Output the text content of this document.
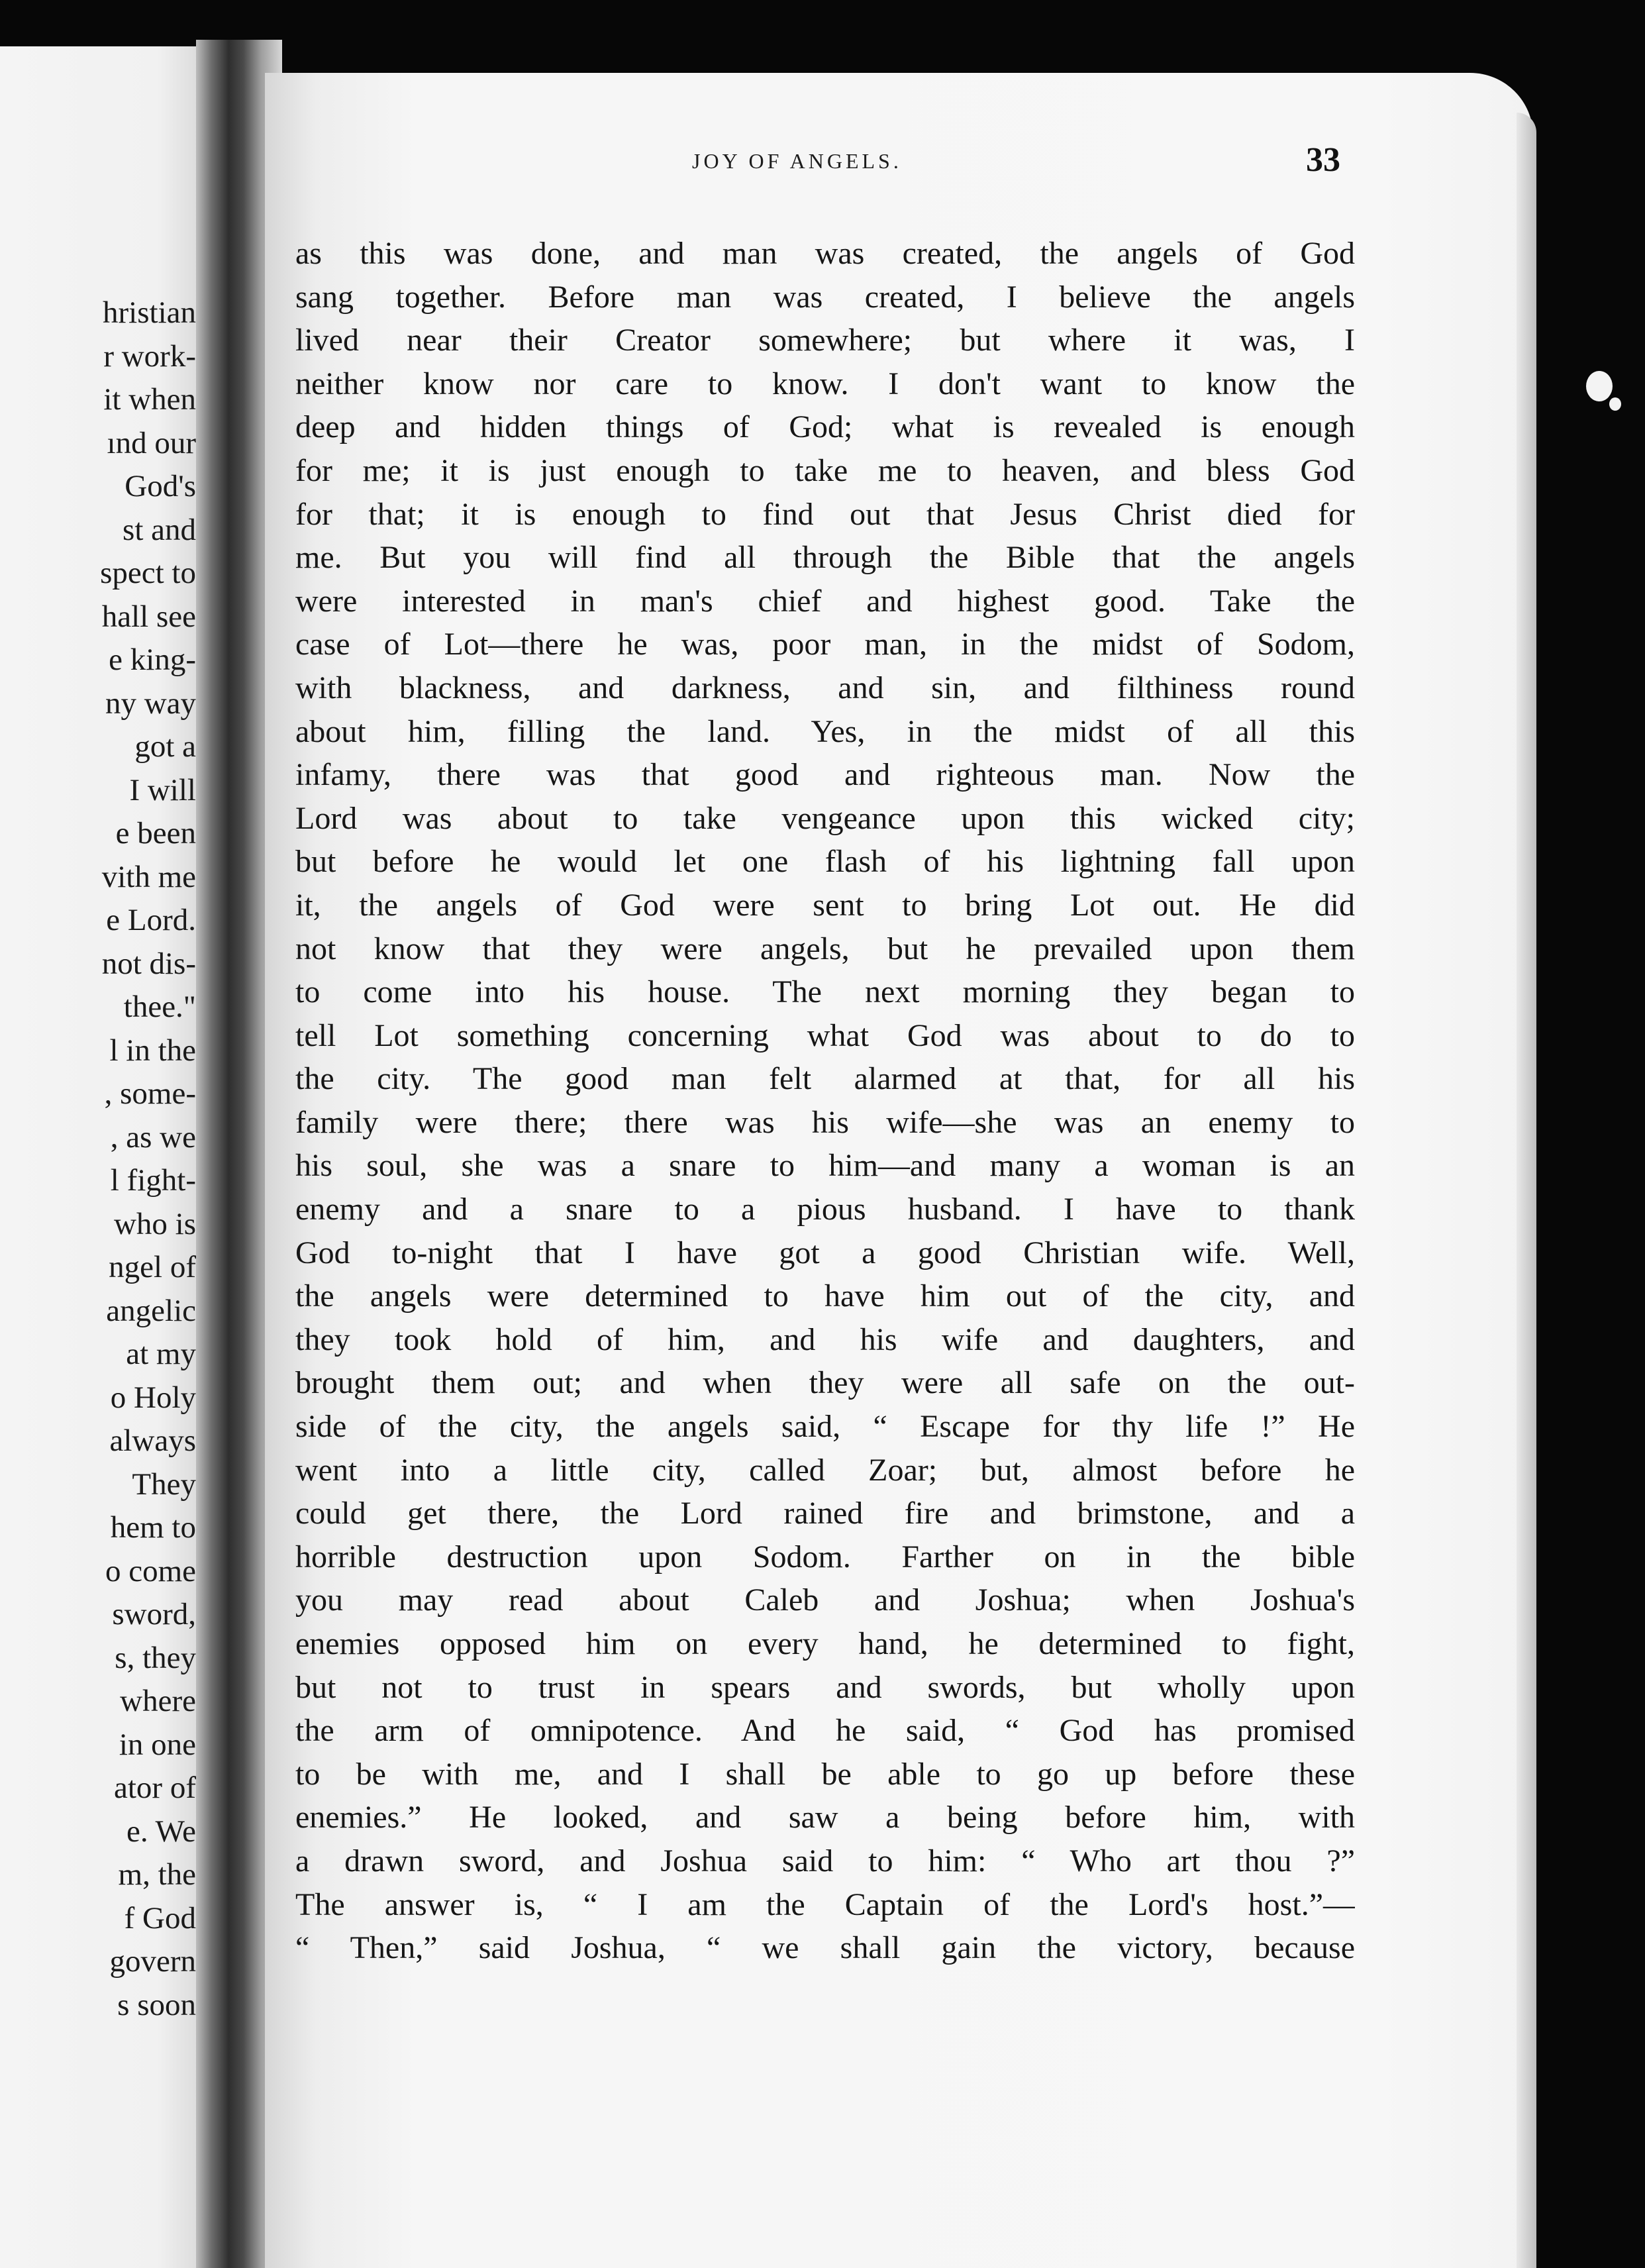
hristian
r work-
it when
ınd our
God's
st and
spect to
hall see
e king-
ny way
got a
I will
e been
vith me
e Lord.
not dis-
thee."
l in the
, some-
, as we
l fight-
who is
ngel of
angelic
at my
o Holy
always
They
hem to
o come
sword,
s, they
where
in one
ator of
e. We
m, the
f God
govern
s soon
JOY OF ANGELS.	33
as this was done, and man was created, the angels of God
sang together. Before man was created, I believe the angels
lived near their Creator somewhere; but where it was, I
neither know nor care to know. I don't want to know the
deep and hidden things of God; what is revealed is enough
for me; it is just enough to take me to heaven, and bless God
for that; it is enough to find out that Jesus Christ died for
me. But you will find all through the Bible that the angels
were interested in man's chief and highest good. Take the
case of Lot—there he was, poor man, in the midst of Sodom,
with blackness, and darkness, and sin, and filthiness round
about him, filling the land. Yes, in the midst of all this
infamy, there was that good and righteous man. Now the
Lord was about to take vengeance upon this wicked city;
but before he would let one flash of his lightning fall upon
it, the angels of God were sent to bring Lot out. He did
not know that they were angels, but he prevailed upon them
to come into his house. The next morning they began to
tell Lot something concerning what God was about to do to
the city. The good man felt alarmed at that, for all his
family were there; there was his wife—she was an enemy to
his soul, she was a snare to him—and many a woman is an
enemy and a snare to a pious husband. I have to thank
God to-night that I have got a good Christian wife. Well,
the angels were determined to have him out of the city, and
they took hold of him, and his wife and daughters, and
brought them out; and when they were all safe on the out-
side of the city, the angels said, “ Escape for thy life !” He
went into a little city, called Zoar; but, almost before he
could get there, the Lord rained fire and brimstone, and a
horrible destruction upon Sodom. Farther on in the bible
you may read about Caleb and Joshua; when Joshua's
enemies opposed him on every hand, he determined to fight,
but not to trust in spears and swords, but wholly upon
the arm of omnipotence. And he said, “ God has promised
to be with me, and I shall be able to go up before these
enemies.” He looked, and saw a being before him, with
a drawn sword, and Joshua said to him: “ Who art thou ?”
The answer is, “ I am the Captain of the Lord's host.”—
“ Then,” said Joshua, “ we shall gain the victory, because
